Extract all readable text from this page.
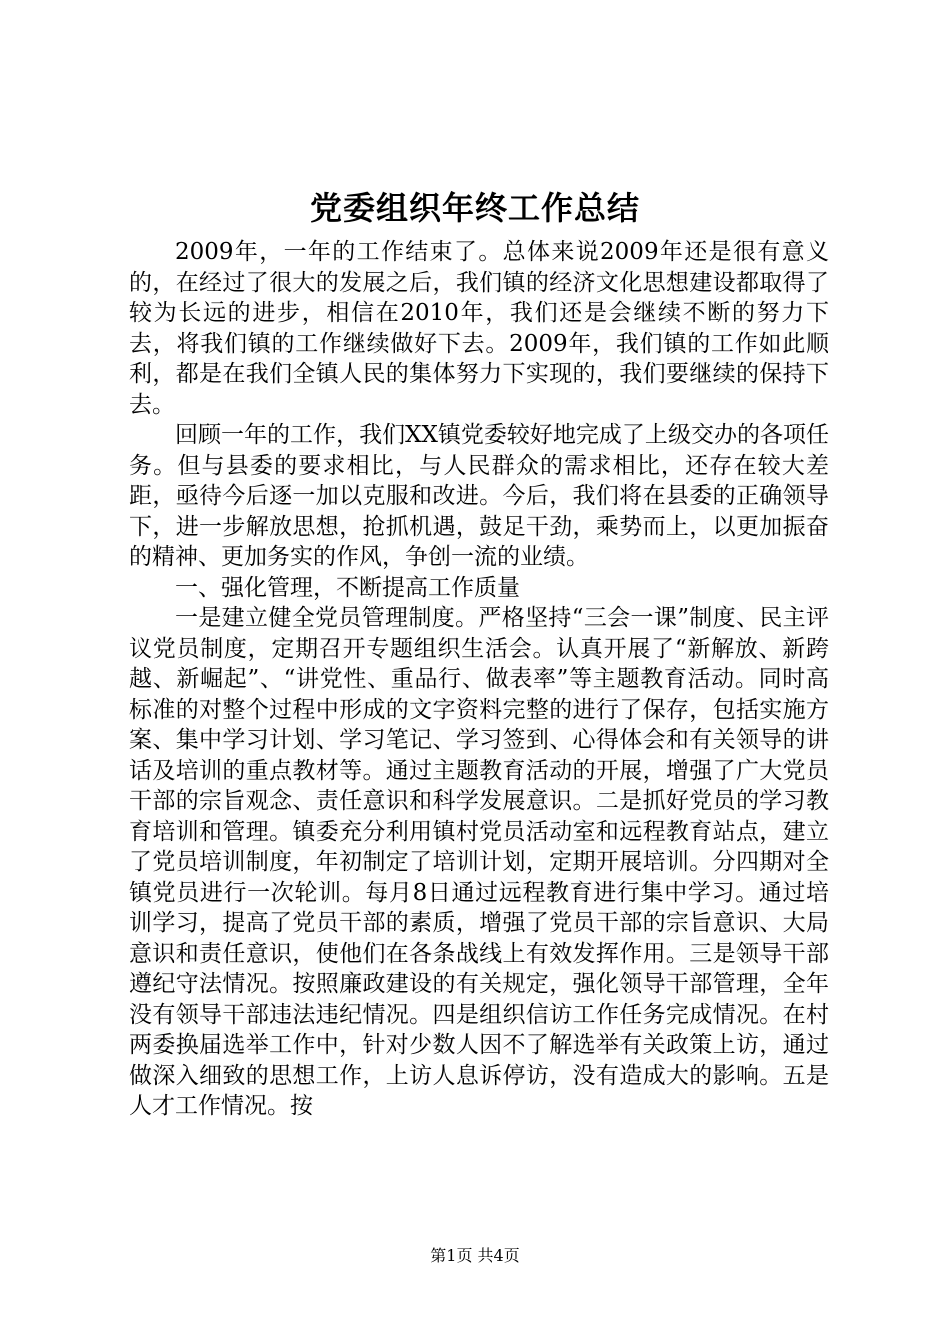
党委组织年终工作总结

2009年，一年的工作结束了。总体来说2009年还是很有意义的，在经过了很大的发展之后，我们镇的经济文化思想建设都取得了较为长远的进步，相信在2010年，我们还是会继续不断的努力下去，将我们镇的工作继续做好下去。2009年，我们镇的工作如此顺利，都是在我们全镇人民的集体努力下实现的，我们要继续的保持下去。

回顾一年的工作，我们XX镇党委较好地完成了上级交办的各项任务。但与县委的要求相比，与人民群众的需求相比，还存在较大差距，亟待今后逐一加以克服和改进。今后，我们将在县委的正确领导下，进一步解放思想，抢抓机遇，鼓足干劲，乘势而上，以更加振奋的精神、更加务实的作风，争创一流的业绩。

一、强化管理，不断提高工作质量

一是建立健全党员管理制度。严格坚持“三会一课”制度、民主评议党员制度，定期召开专题组织生活会。认真开展了“新解放、新跨越、新崛起”、“讲党性、重品行、做表率”等主题教育活动。同时高标准的对整个过程中形成的文字资料完整的进行了保存，包括实施方案、集中学习计划、学习笔记、学习签到、心得体会和有关领导的讲话及培训的重点教材等。通过主题教育活动的开展，增强了广大党员干部的宗旨观念、责任意识和科学发展意识。二是抓好党员的学习教育培训和管理。镇委充分利用镇村党员活动室和远程教育站点，建立了党员培训制度，年初制定了培训计划，定期开展培训。分四期对全镇党员进行一次轮训。每月8日通过远程教育进行集中学习。通过培训学习，提高了党员干部的素质，增强了党员干部的宗旨意识、大局意识和责任意识，使他们在各条战线上有效发挥作用。三是领导干部遵纪守法情况。按照廉政建设的有关规定，强化领导干部管理，全年没有领导干部违法违纪情况。四是组织信访工作任务完成情况。在村两委换届选举工作中，针对少数人因不了解选举有关政策上访，通过做深入细致的思想工作，上访人息诉停访，没有造成大的影响。五是人才工作情况。按

第1页 共4页
